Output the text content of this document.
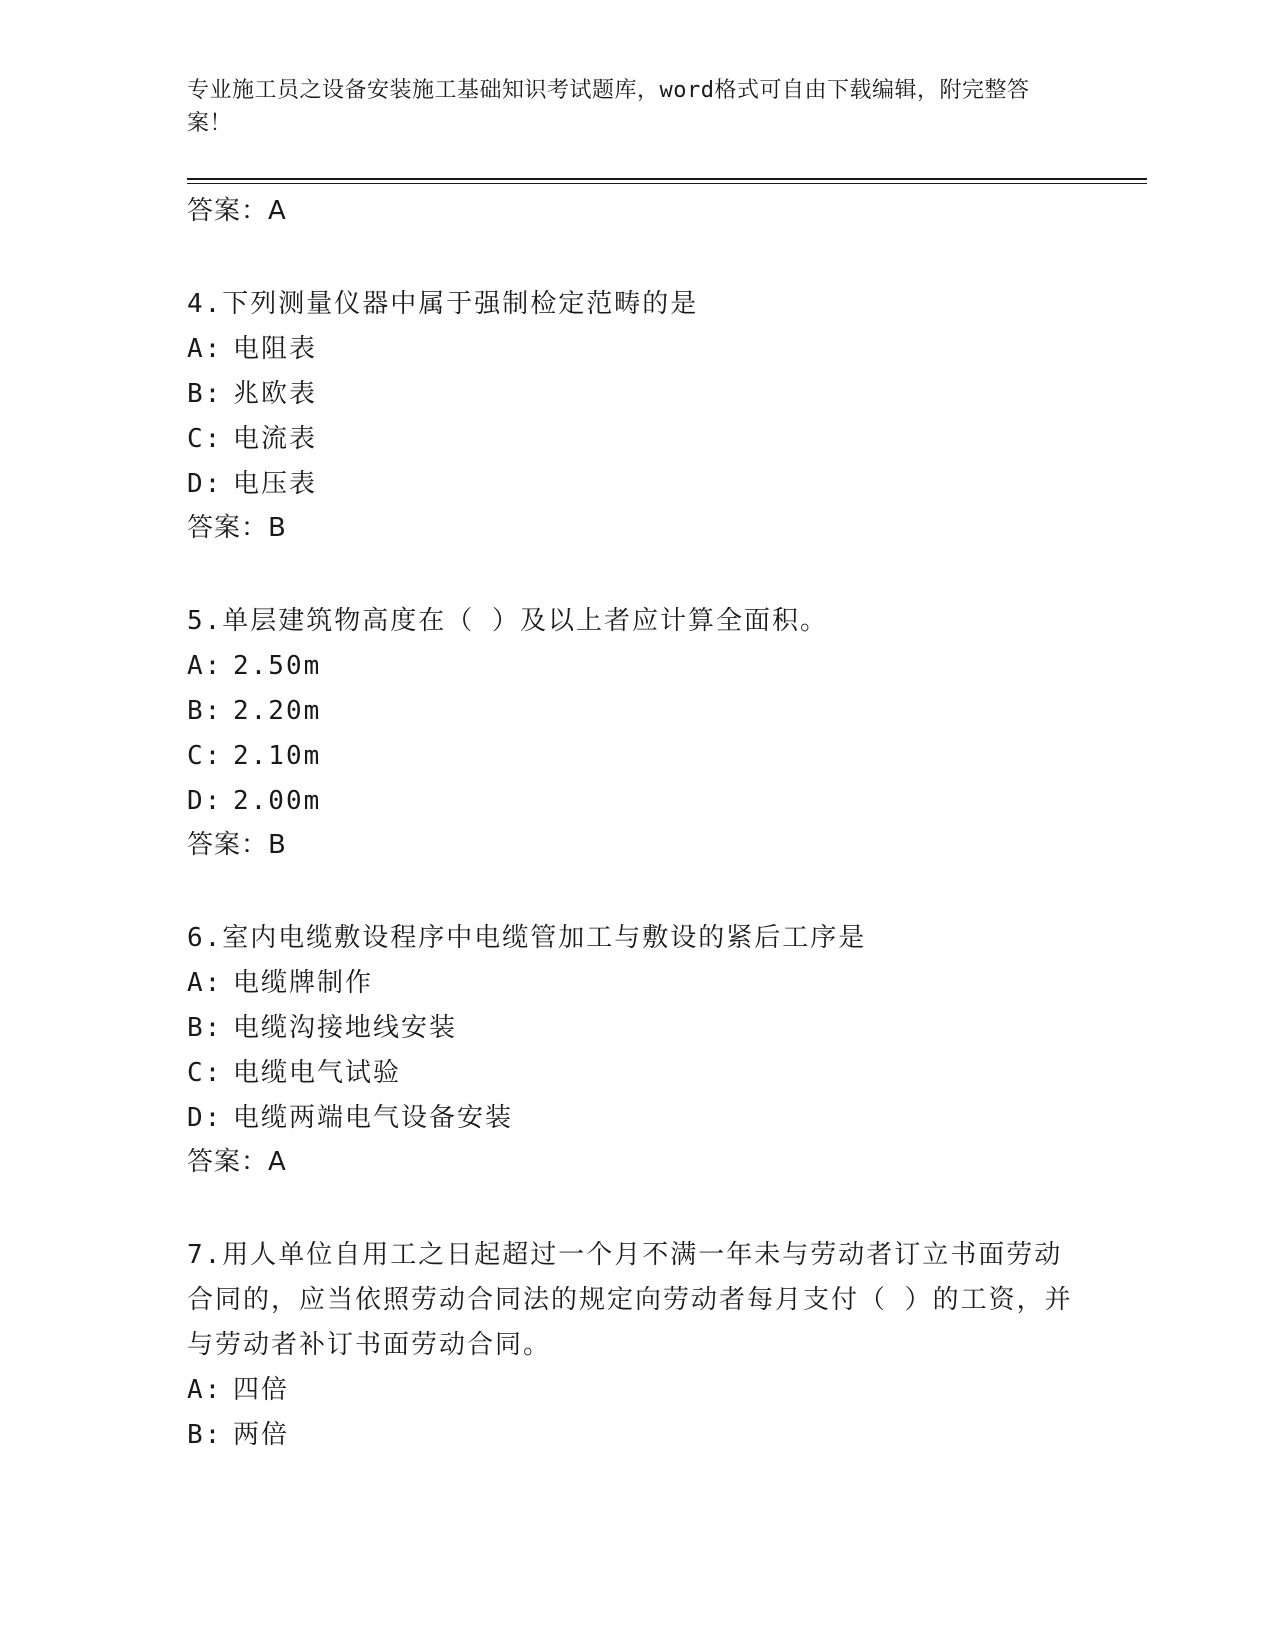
专业施工员之设备安装施工基础知识考试题库，word格式可自由下载编辑，附完整答案！
答案：A

4.下列测量仪器中属于强制检定范畴的是

A: 电阻表
B: 兆欧表
C: 电流表
D: 电压表
答案：B

5.单层建筑物高度在（ ）及以上者应计算全面积。

A: 2.50m
B: 2.20m
C: 2.10m
D: 2.00m
答案：B

6.室内电缆敷设程序中电缆管加工与敷设的紧后工序是

A: 电缆牌制作
B: 电缆沟接地线安装
C: 电缆电气试验
D: 电缆两端电气设备安装
答案：A

7.用人单位自用工之日起超过一个月不满一年未与劳动者订立书面劳动合同的，应当依照劳动合同法的规定向劳动者每月支付（ ）的工资，并与劳动者补订书面劳动合同。

A: 四倍
B: 两倍
